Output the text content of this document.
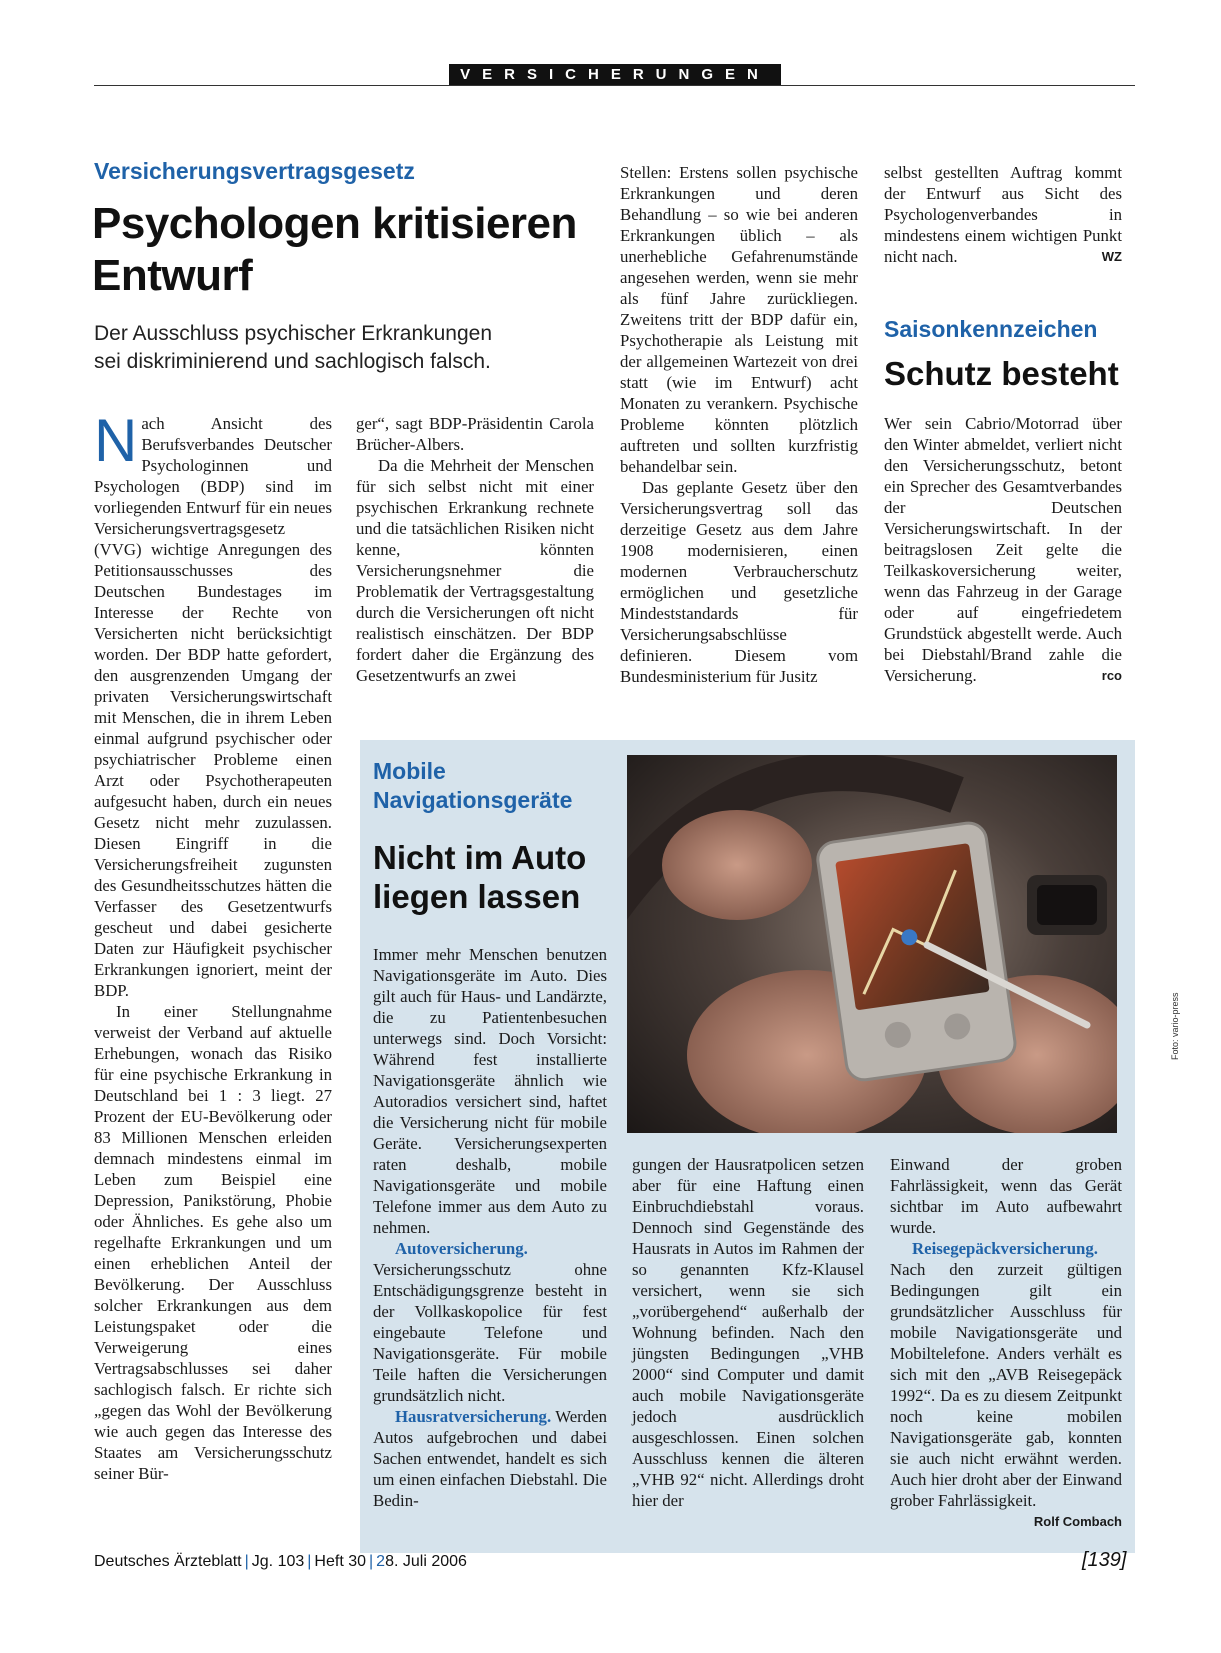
VERSICHERUNGEN
Versicherungsvertragsgesetz
Psychologen kritisieren
Entwurf
Der Ausschluss psychischer Erkrankungen
sei diskriminierend und sachlogisch falsch.

Nach Ansicht des Berufsverbandes Deutscher Psychologinnen und Psychologen (BDP) sind im vorliegenden Entwurf für ein neues Versicherungsvertragsgesetz (VVG) wichtige Anregungen des Petitionsausschusses des Deutschen Bundestages im Interesse der Rechte von Versicherten nicht berücksichtigt worden. Der BDP hatte gefordert, den ausgrenzenden Umgang der privaten Versicherungswirtschaft mit Menschen, die in ihrem Leben einmal aufgrund psychischer oder psychiatrischer Probleme einen Arzt oder Psychotherapeuten aufgesucht haben, durch ein neues Gesetz nicht mehr zuzulassen. Diesen Eingriff in die Versicherungsfreiheit zugunsten des Gesundheitsschutzes hätten die Verfasser des Gesetzentwurfs gescheut und dabei gesicherte Daten zur Häufigkeit psychischer Erkrankungen ignoriert, meint der BDP.

In einer Stellungnahme verweist der Verband auf aktuelle Erhebungen, wonach das Risiko für eine psychische Erkrankung in Deutschland bei 1 : 3 liegt. 27 Prozent der EU-Bevölkerung oder 83 Millionen Menschen erleiden demnach mindestens einmal im Leben zum Beispiel eine Depression, Panikstörung, Phobie oder Ähnliches. Es gehe also um regelhafte Erkrankungen und um einen erheblichen Anteil der Bevölkerung. Der Ausschluss solcher Erkrankungen aus dem Leistungspaket oder die Verweigerung eines Vertragsabschlusses sei daher sachlogisch falsch. Er richte sich „gegen das Wohl der Bevölkerung wie auch gegen das Interesse des Staates am Versicherungsschutz seiner Bür-

ger“, sagt BDP-Präsidentin Carola Brücher-Albers.

Da die Mehrheit der Menschen für sich selbst nicht mit einer psychischen Erkrankung rechnete und die tatsächlichen Risiken nicht kenne, könnten Versicherungsnehmer die Problematik der Vertragsgestaltung durch die Versicherungen oft nicht realistisch einschätzen. Der BDP fordert daher die Ergänzung des Gesetzentwurfs an zwei

Stellen: Erstens sollen psychische Erkrankungen und deren Behandlung – so wie bei anderen Erkrankungen üblich – als unerhebliche Gefahrenumstände angesehen werden, wenn sie mehr als fünf Jahre zurückliegen. Zweitens tritt der BDP dafür ein, Psychotherapie als Leistung mit der allgemeinen Wartezeit von drei statt (wie im Entwurf) acht Monaten zu verankern. Psychische Probleme könnten plötzlich auftreten und sollten kurzfristig behandelbar sein.

Das geplante Gesetz über den Versicherungsvertrag soll das derzeitige Gesetz aus dem Jahre 1908 modernisieren, einen modernen Verbraucherschutz ermöglichen und gesetzliche Mindeststandards für Versicherungsabschlüsse definieren. Diesem vom Bundesministerium für Jusitz

selbst gestellten Auftrag kommt der Entwurf aus Sicht des Psychologenverbandes in mindestens einem wichtigen Punkt nicht nach.	WZ

Saisonkennzeichen
Schutz besteht

Wer sein Cabrio/Motorrad über den Winter abmeldet, verliert nicht den Versicherungsschutz, betont ein Sprecher des Gesamtverbandes der Deutschen Versicherungswirtschaft. In der beitragslosen Zeit gelte die Teilkaskoversicherung weiter, wenn das Fahrzeug in der Garage oder auf eingefriedetem Grundstück abgestellt werde. Auch bei Diebstahl/Brand zahle die Versicherung.	rco

Foto: vario-press
Mobile
Navigationsgeräte
Nicht im Auto
liegen lassen

Immer mehr Menschen benutzen Navigationsgeräte im Auto. Dies gilt auch für Haus- und Landärzte, die zu Patientenbesuchen unterwegs sind. Doch Vorsicht: Während fest installierte Navigationsgeräte ähnlich wie Autoradios versichert sind, haftet die Versicherung nicht für mobile Geräte. Versicherungsexperten raten deshalb, mobile Navigationsgeräte und mobile Telefone immer aus dem Auto zu nehmen.

Autoversicherung. Versicherungsschutz ohne Entschädigungsgrenze besteht in der Vollkaskopolice für fest eingebaute Telefone und Navigationsgeräte. Für mobile Teile haften die Versicherungen grundsätzlich nicht.

Hausratversicherung. Werden Autos aufgebrochen und dabei Sachen entwendet, handelt es sich um einen einfachen Diebstahl. Die Bedin-

gungen der Hausratpolicen setzen aber für eine Haftung einen Einbruchdiebstahl voraus. Dennoch sind Gegenstände des Hausrats in Autos im Rahmen der so genannten Kfz-Klausel versichert, wenn sie sich „vorübergehend“ außerhalb der Wohnung befinden. Nach den jüngsten Bedingungen „VHB 2000“ sind Computer und damit auch mobile Navigationsgeräte jedoch ausdrücklich ausgeschlossen. Einen solchen Ausschluss kennen die älteren „VHB 92“ nicht. Allerdings droht hier der

Einwand der groben Fahrlässigkeit, wenn das Gerät sichtbar im Auto aufbewahrt wurde.

Reisegepäckversicherung.

Nach den zurzeit gültigen Bedingungen gilt ein grundsätzlicher Ausschluss für mobile Navigationsgeräte und Mobiltelefone. Anders verhält es sich mit den „AVB Reisegepäck 1992“. Da es zu diesem Zeitpunkt noch keine mobilen Navigationsgeräte gab, konnten sie auch nicht erwähnt werden. Auch hier droht aber der Einwand grober Fahrlässigkeit.
Rolf Combach

Deutsches Ärzteblatt | Jg. 103 | Heft 30 | 28. Juli 2006	[139]
